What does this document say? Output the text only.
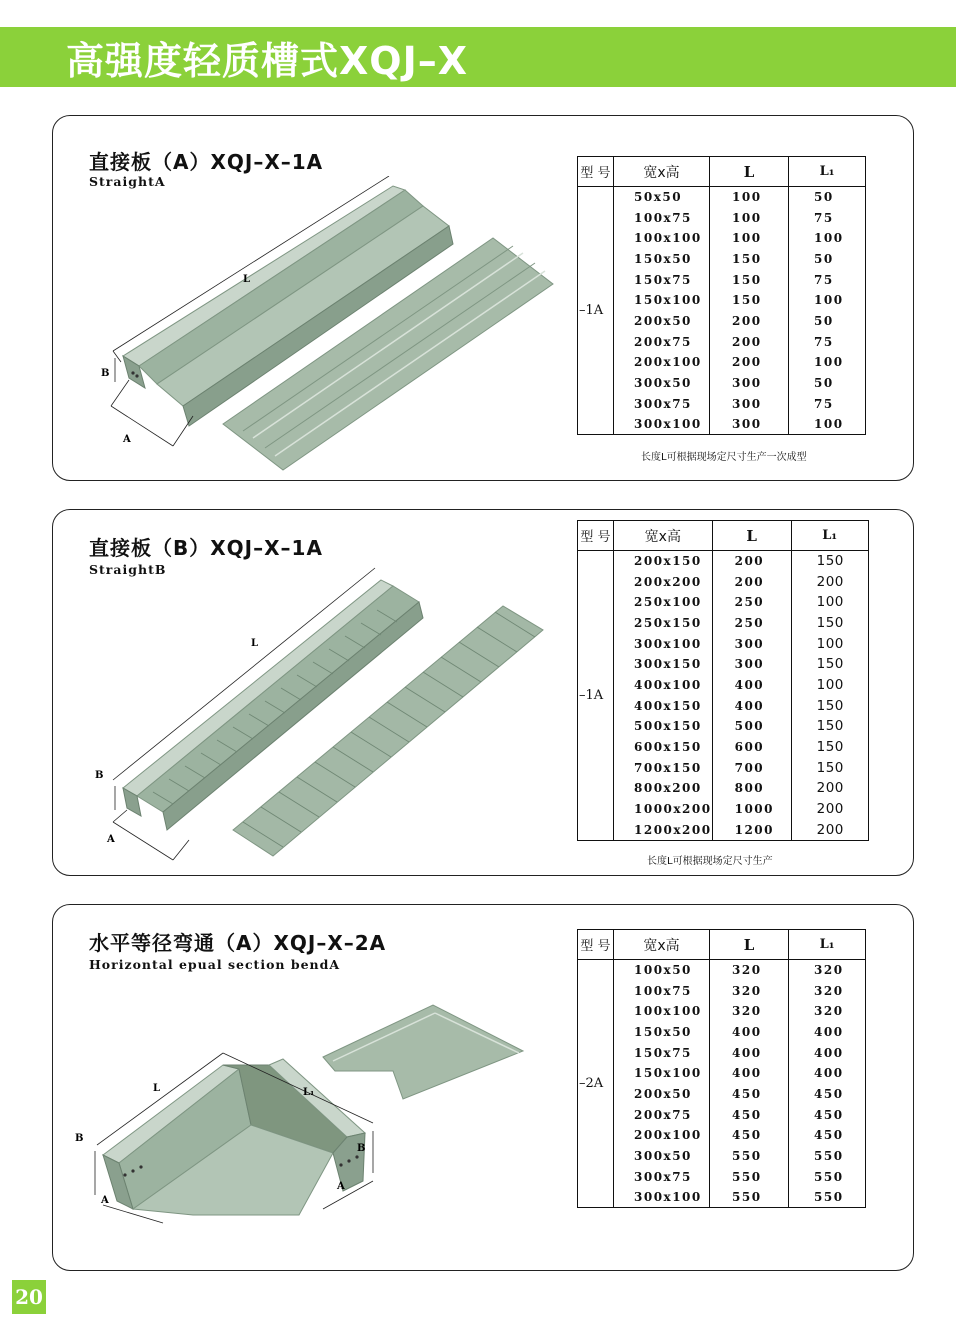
高强度轻质槽式XQJ–X
直接板（A）XQJ–X–1A
StraightA
L
B
A
型 号	宽x高	L	L₁
–1A	50x50	100	50
	100x75	100	75
	100x100	100	100
	150x50	150	50
	150x75	150	75
	150x100	150	100
	200x50	200	50
	200x75	200	75
	200x100	200	100
	300x50	300	50
	300x75	300	75
	300x100	300	100
长度L可根据现场定尺寸生产一次成型
直接板（B）XQJ–X–1A
StraightB
L
B
A
型 号	宽x高	L	L₁
–1A	200x150	200	150
	200x200	200	200
	250x100	250	100
	250x150	250	150
	300x100	300	100
	300x150	300	150
	400x100	400	100
	400x150	400	150
	500x150	500	150
	600x150	600	150
	700x150	700	150
	800x200	800	200
	1000x200	1000	200
	1200x200	1200	200
长度L可根据现场定尺寸生产
水平等径弯通（A）XQJ–X–2A
Horizontal epual section bendA
L	L₁
B
B
A
A
型 号	宽x高	L	L₁
–2A	100x50	320	320
	100x75	320	320
	100x100	320	320
	150x50	400	400
	150x75	400	400
	150x100	400	400
	200x50	450	450
	200x75	450	450
	200x100	450	450
	300x50	550	550
	300x75	550	550
	300x100	550	550
20
